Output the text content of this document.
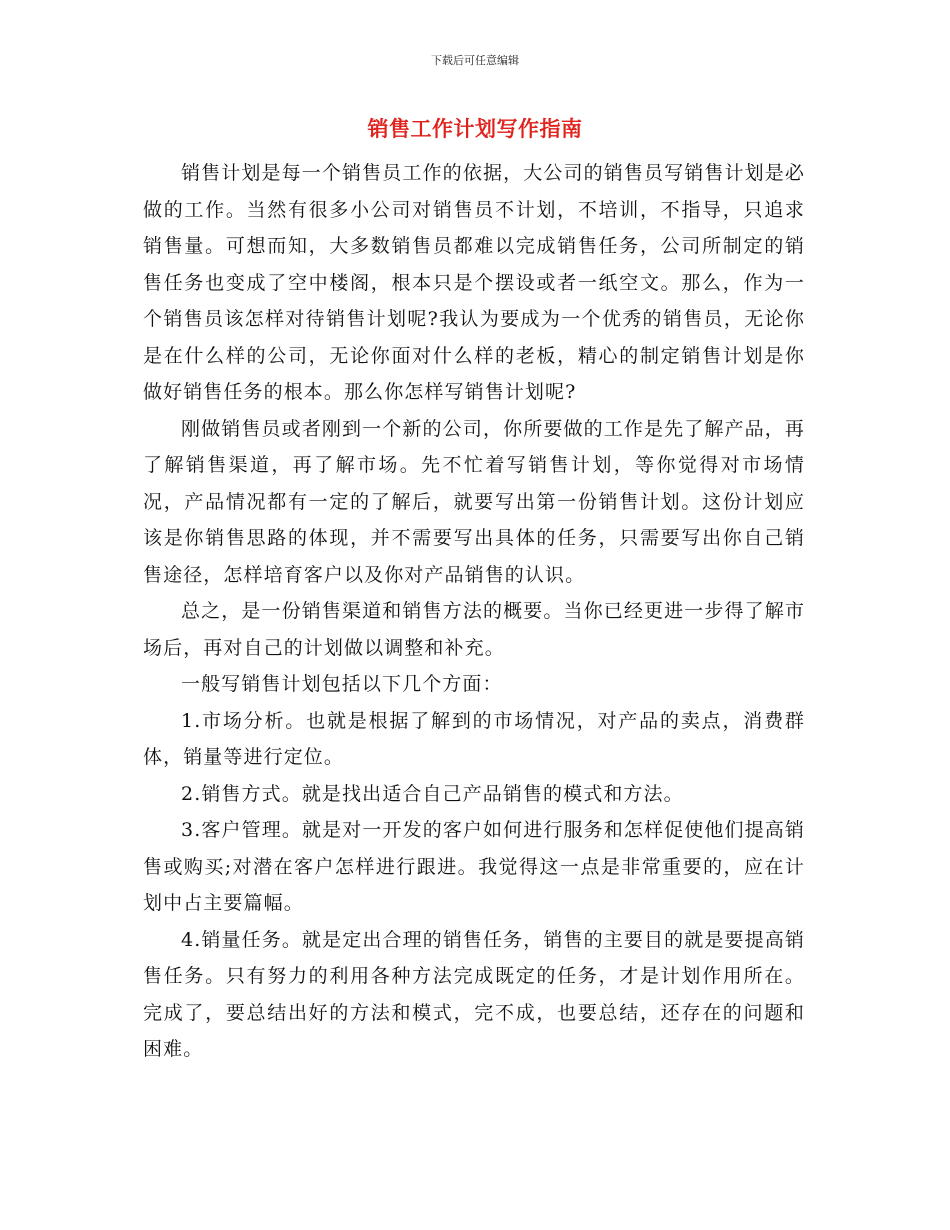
下载后可任意编辑
销售工作计划写作指南

销售计划是每一个销售员工作的依据，大公司的销售员写销售计划是必做的工作。当然有很多小公司对销售员不计划，不培训，不指导，只追求销售量。可想而知，大多数销售员都难以完成销售任务，公司所制定的销售任务也变成了空中楼阁，根本只是个摆设或者一纸空文。那么，作为一个销售员该怎样对待销售计划呢?我认为要成为一个优秀的销售员，无论你是在什么样的公司，无论你面对什么样的老板，精心的制定销售计划是你做好销售任务的根本。那么你怎样写销售计划呢?

刚做销售员或者刚到一个新的公司，你所要做的工作是先了解产品，再了解销售渠道，再了解市场。先不忙着写销售计划，等你觉得对市场情况，产品情况都有一定的了解后，就要写出第一份销售计划。这份计划应该是你销售思路的体现，并不需要写出具体的任务，只需要写出你自己销售途径，怎样培育客户以及你对产品销售的认识。

总之，是一份销售渠道和销售方法的概要。当你已经更进一步得了解市场后，再对自己的计划做以调整和补充。

一般写销售计划包括以下几个方面：

1.市场分析。也就是根据了解到的市场情况，对产品的卖点，消费群体，销量等进行定位。

2.销售方式。就是找出适合自己产品销售的模式和方法。

3.客户管理。就是对一开发的客户如何进行服务和怎样促使他们提高销售或购买;对潜在客户怎样进行跟进。我觉得这一点是非常重要的，应在计划中占主要篇幅。

4.销量任务。就是定出合理的销售任务，销售的主要目的就是要提高销售任务。只有努力的利用各种方法完成既定的任务，才是计划作用所在。完成了，要总结出好的方法和模式，完不成，也要总结，还存在的问题和困难。
